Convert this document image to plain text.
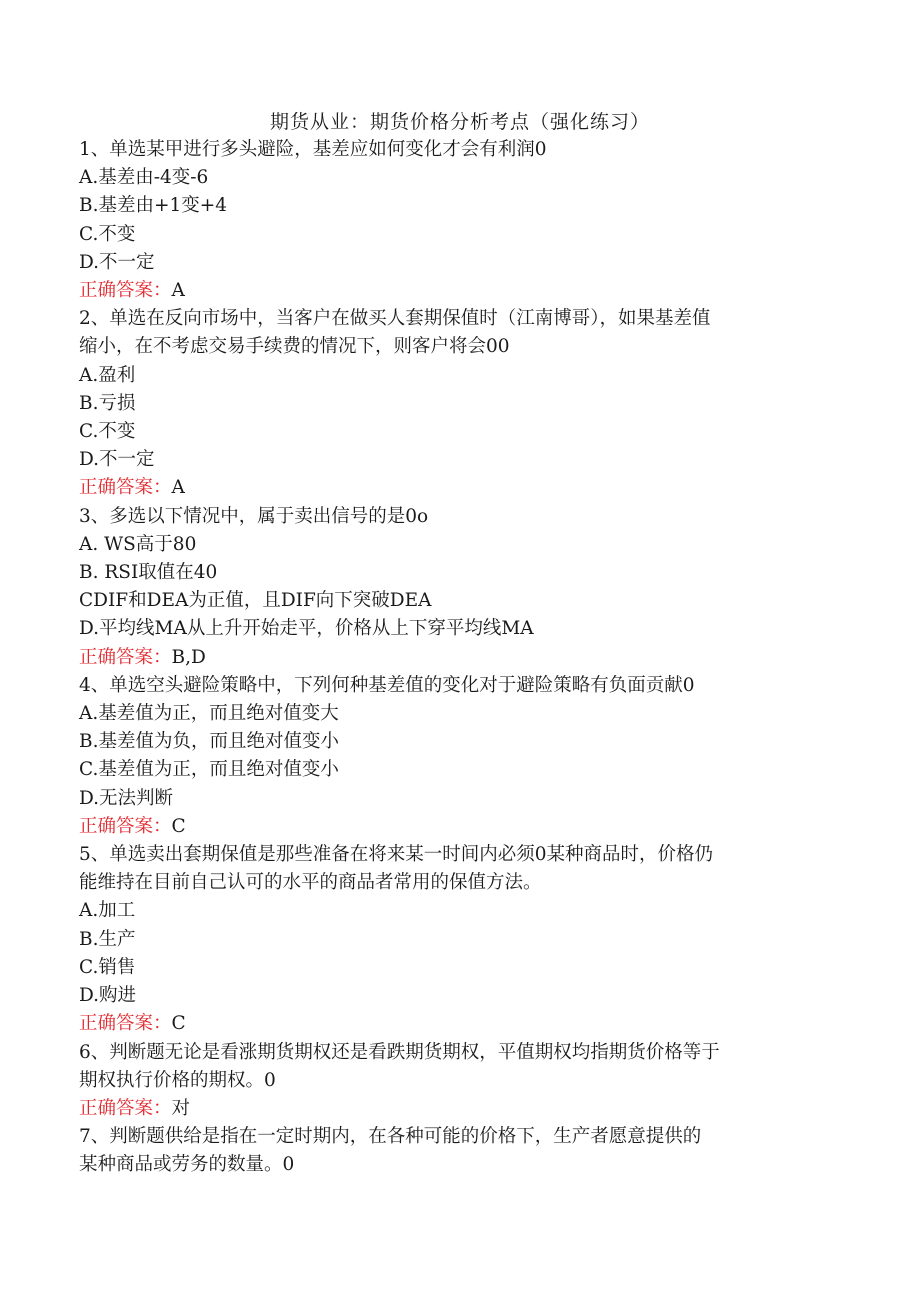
期货从业：期货价格分析考点（强化练习）
1、单选某甲进行多头避险，基差应如何变化才会有利润0
A.基差由-4变-6
B.基差由+1变+4
C.不变
D.不一定
正确答案：A
2、单选在反向市场中，当客户在做买人套期保值时（江南博哥），如果基差值
缩小，在不考虑交易手续费的情况下，则客户将会00
A.盈利
B.亏损
C.不变
D.不一定
正确答案：A
3、多选以下情况中，属于卖出信号的是0o
A. WS高于80
B. RSI取值在40
CDIF和DEA为正值，且DIF向下突破DEA
D.平均线MA从上升开始走平，价格从上下穿平均线MA
正确答案：B,D
4、单选空头避险策略中，下列何种基差值的变化对于避险策略有负面贡献0
A.基差值为正，而且绝对值变大
B.基差值为负，而且绝对值变小
C.基差值为正，而且绝对值变小
D.无法判断
正确答案：C
5、单选卖出套期保值是那些准备在将来某一时间内必须0某种商品时，价格仍
能维持在目前自己认可的水平的商品者常用的保值方法。
A.加工
B.生产
C.销售
D.购进
正确答案：C
6、判断题无论是看涨期货期权还是看跌期货期权，平值期权均指期货价格等于
期权执行价格的期权。0
正确答案：对
7、判断题供给是指在一定时期内，在各种可能的价格下，生产者愿意提供的
某种商品或劳务的数量。0
